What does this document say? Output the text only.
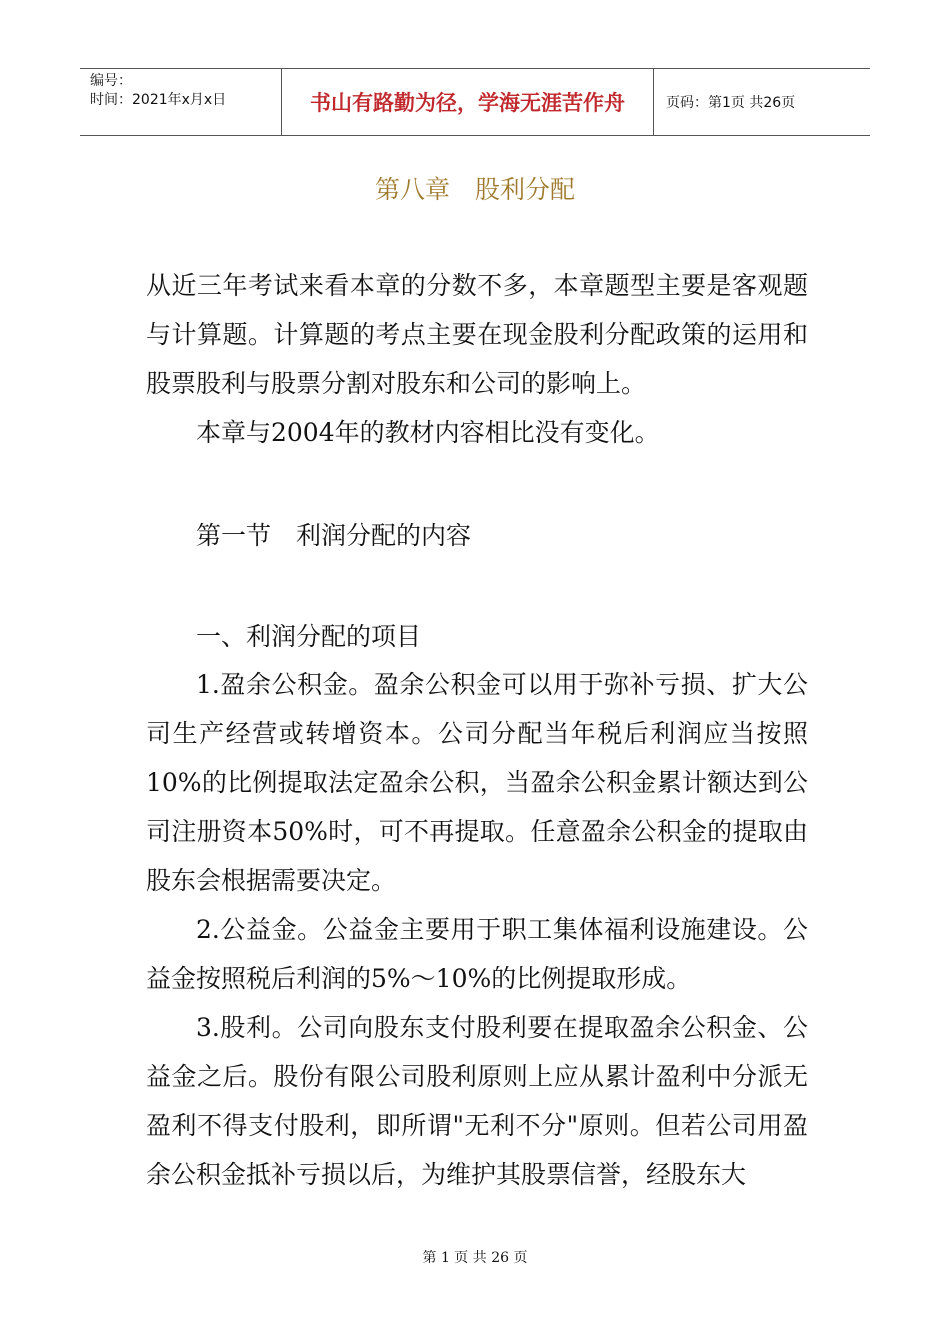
编号：
时间：2021年x月x日	书山有路勤为径，学海无涯苦作舟	页码：第1页 共26页
第八章　股利分配

从近三年考试来看本章的分数不多，本章题型主要是客观题与计算题。计算题的考点主要在现金股利分配政策的运用和股票股利与股票分割对股东和公司的影响上。

本章与2004年的教材内容相比没有变化。

第一节　利润分配的内容
一、利润分配的项目

1.盈余公积金。盈余公积金可以用于弥补亏损、扩大公司生产经营或转增资本。公司分配当年税后利润应当按照10%的比例提取法定盈余公积，当盈余公积金累计额达到公司注册资本50%时，可不再提取。任意盈余公积金的提取由股东会根据需要决定。

2.公益金。公益金主要用于职工集体福利设施建设。公益金按照税后利润的5%～10%的比例提取形成。

3.股利。公司向股东支付股利要在提取盈余公积金、公益金之后。股份有限公司股利原则上应从累计盈利中分派无盈利不得支付股利，即所谓"无利不分"原则。但若公司用盈余公积金抵补亏损以后，为维护其股票信誉，经股东大

第 1 页 共 26 页
